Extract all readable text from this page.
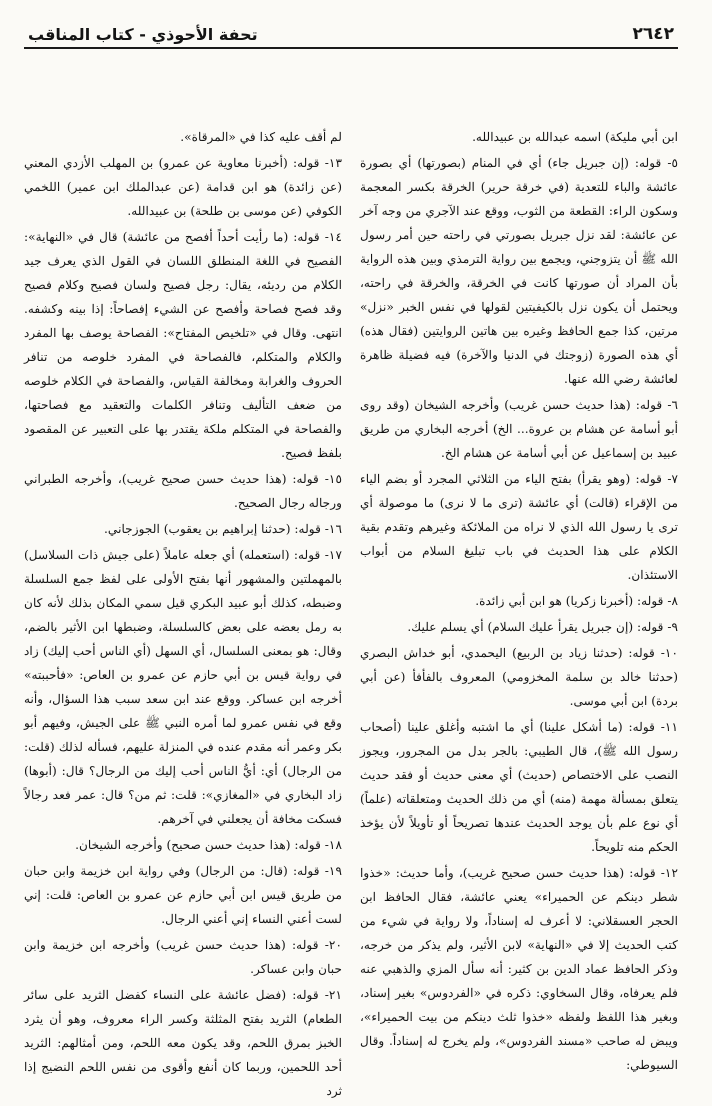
٢٦٤٢
تحفة الأحوذي - كتاب المناقب

ابن أبي مليكة) اسمه عبدالله بن عبيدالله.

٥- قوله: (إن جبريل جاء) أي في المنام (بصورتها) أي بصورة عائشة والباء للتعدية (في خرقة حرير) الخرقة بكسر المعجمة وسكون الراء: القطعة من الثوب، ووقع عند الآجري من وجه آخر عن عائشة: لقد نزل جبريل بصورتي في راحته حين أمر رسول الله ﷺ أن يتزوجني، ويجمع بين رواية الترمذي وبين هذه الرواية بأن المراد أن صورتها كانت في الخرقة، والخرقة في راحته، ويحتمل أن يكون نزل بالكيفيتين لقولها في نفس الخبر «نزل» مرتين، كذا جمع الحافظ وغيره بين هاتين الروايتين (فقال هذه) أي هذه الصورة (زوجتك في الدنيا والآخرة) فيه فضيلة ظاهرة لعائشة رضي الله عنها.

٦- قوله: (هذا حديث حسن غريب) وأخرجه الشيخان (وقد روى أبو أسامة عن هشام بن عروة... الخ) أخرجه البخاري من طريق عبيد بن إسماعيل عن أبي أسامة عن هشام الخ.

٧- قوله: (وهو يقرأ) بفتح الياء من الثلاثي المجرد أو بضم الياء من الإقراء (قالت) أي عائشة (ترى ما لا نرى) ما موصولة أي ترى يا رسول الله الذي لا نراه من الملائكة وغيرهم وتقدم بقية الكلام على هذا الحديث في باب تبليغ السلام من أبواب الاستئذان.

٨- قوله: (أخبرنا زكريا) هو ابن أبي زائدة.

٩- قوله: (إن جبريل يقرأ عليك السلام) أي يسلم عليك.

١٠- قوله: (حدثنا زياد بن الربيع) اليحمدي، أبو خداش البصري (حدثنا خالد بن سلمة المخزومي) المعروف بالفأفأ (عن أبي بردة) ابن أبي موسى.

١١- قوله: (ما أشكل علينا) أي ما اشتبه وأغلق علينا (أصحاب رسول الله ﷺ)، قال الطيبي: بالجر بدل من المجرور، ويجوز النصب على الاختصاص (حديث) أي معنى حديث أو فقد حديث يتعلق بمسألة مهمة (منه) أي من ذلك الحديث ومتعلقاته (علماً) أي نوع علم بأن يوجد الحديث عندها تصريحاً أو تأويلاً لأن يؤخذ الحكم منه تلويحاً.

١٢- قوله: (هذا حديث حسن صحيح غريب)، وأما حديث: «خذوا شطر دينكم عن الحميراء» يعني عائشة، فقال الحافظ ابن الحجر العسقلاني: لا أعرف له إسناداً، ولا رواية في شيء من كتب الحديث إلا في «النهاية» لابن الأثير، ولم يذكر من خرجه، وذكر الحافظ عماد الدين بن كثير: أنه سأل المزي والذهبي عنه فلم يعرفاه، وقال السخاوي: ذكره في «الفردوس» بغير إسناد، وبغير هذا اللفظ ولفظه «خذوا ثلث دينكم من بيت الحميراء»، ويبض له صاحب «مسند الفردوس»، ولم يخرج له إسناداً. وقال السيوطي:

لم أقف عليه كذا في «المرقاة».

١٣- قوله: (أخبرنا معاوية عن عمرو) بن المهلب الأزدي المعني (عن زائدة) هو ابن قدامة (عن عبدالملك ابن عمير) اللخمي الكوفي (عن موسى بن طلحة) بن عبيدالله.

١٤- قوله: (ما رأيت أحداً أفصح من عائشة) قال في «النهاية»: الفصيح في اللغة المنطلق اللسان في القول الذي يعرف جيد الكلام من رديئه، يقال: رجل فصيح ولسان فصيح وكلام فصيح وقد فصح فصاحة وأفصح عن الشيء إفصاحاً: إذا بينه وكشفه. انتهى. وقال في «تلخيص المفتاح»: الفصاحة يوصف بها المفرد والكلام والمتكلم، فالفصاحة في المفرد خلوصه من تنافر الحروف والغرابة ومخالفة القياس، والفصاحة في الكلام خلوصه من ضعف التأليف وتنافر الكلمات والتعقيد مع فصاحتها، والفصاحة في المتكلم ملكة يقتدر بها على التعبير عن المقصود بلفظ فصيح.

١٥- قوله: (هذا حديث حسن صحيح غريب)، وأخرجه الطبراني ورجاله رجال الصحيح.

١٦- قوله: (حدثنا إبراهيم بن يعقوب) الجوزجاني.

١٧- قوله: (استعمله) أي جعله عاملاً (على جيش ذات السلاسل) بالمهملتين والمشهور أنها بفتح الأولى على لفظ جمع السلسلة وضبطه، كذلك أبو عبيد البكري قيل سمي المكان بذلك لأنه كان به رمل بعضه على بعض كالسلسلة، وضبطها ابن الأثير بالضم، وقال: هو بمعنى السلسال، أي السهل (أي الناس أحب إليك) زاد في رواية قيس بن أبي حازم عن عمرو بن العاص: «فأحببته» أخرجه ابن عساكر. ووقع عند ابن سعد سبب هذا السؤال، وأنه وقع في نفس عمرو لما أمره النبي ﷺ على الجيش، وفيهم أبو بكر وعمر أنه مقدم عنده في المنزلة عليهم، فسأله لذلك (قلت: من الرجال) أي: أيُّ الناس أحب إليك من الرجال؟ قال: (أبوها) زاد البخاري في «المغازي»: قلت: ثم من؟ قال: عمر فعد رجالاً فسكت مخافة أن يجعلني في آخرهم.

١٨- قوله: (هذا حديث حسن صحيح) وأخرجه الشيخان.

١٩- قوله: (قال: من الرجال) وفي رواية ابن خزيمة وابن حبان من طريق قيس ابن أبي حازم عن عمرو بن العاص: قلت: إني لست أعني النساء إني أعني الرجال.

٢٠- قوله: (هذا حديث حسن غريب) وأخرجه ابن خزيمة وابن حبان وابن عساكر.

٢١- قوله: (فضل عائشة على النساء كفضل الثريد على سائر الطعام) الثريد بفتح المثلثة وكسر الراء معروف، وهو أن يثرد الخبز بمرق اللحم، وقد يكون معه اللحم، ومن أمثالهم: الثريد أحد اللحمين، وربما كان أنفع وأقوى من نفس اللحم النضيج إذا ثرد
